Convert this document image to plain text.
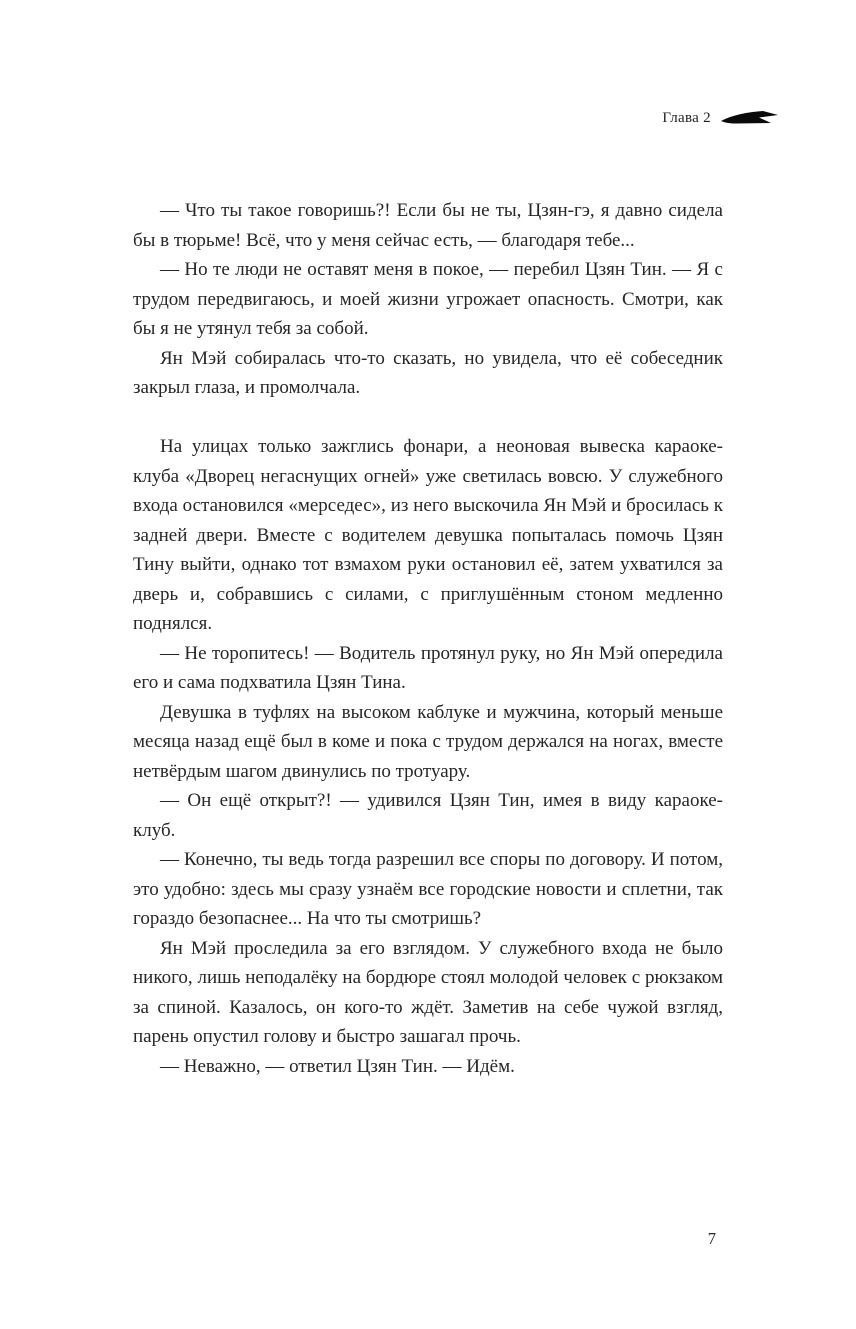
Глава 2

— Что ты такое говоришь?! Если бы не ты, Цзян-гэ, я давно сидела бы в тюрьме! Всё, что у меня сейчас есть, — благодаря тебе...

— Но те люди не оставят меня в покое, — перебил Цзян Тин. — Я с трудом передвигаюсь, и моей жизни угрожает опасность. Смотри, как бы я не утянул тебя за собой.

Ян Мэй собиралась что-то сказать, но увидела, что её собеседник закрыл глаза, и промолчала.

На улицах только зажглись фонари, а неоновая вывеска караоке-клуба «Дворец негаснущих огней» уже светилась вовсю. У служебного входа остановился «мерседес», из него выскочила Ян Мэй и бросилась к задней двери. Вместе с водителем девушка попыталась помочь Цзян Тину выйти, однако тот взмахом руки остановил её, затем ухватился за дверь и, собравшись с силами, с приглушённым стоном медленно поднялся.

— Не торопитесь! — Водитель протянул руку, но Ян Мэй опередила его и сама подхватила Цзян Тина.

Девушка в туфлях на высоком каблуке и мужчина, который меньше месяца назад ещё был в коме и пока с трудом держался на ногах, вместе нетвёрдым шагом двинулись по тротуару.

— Он ещё открыт?! — удивился Цзян Тин, имея в виду караоке-клуб.

— Конечно, ты ведь тогда разрешил все споры по договору. И потом, это удобно: здесь мы сразу узнаём все городские новости и сплетни, так гораздо безопаснее... На что ты смотришь?

Ян Мэй проследила за его взглядом. У служебного входа не было никого, лишь неподалёку на бордюре стоял молодой человек с рюкзаком за спиной. Казалось, он кого-то ждёт. Заметив на себе чужой взгляд, парень опустил голову и быстро зашагал прочь.

— Неважно, — ответил Цзян Тин. — Идём.

7
